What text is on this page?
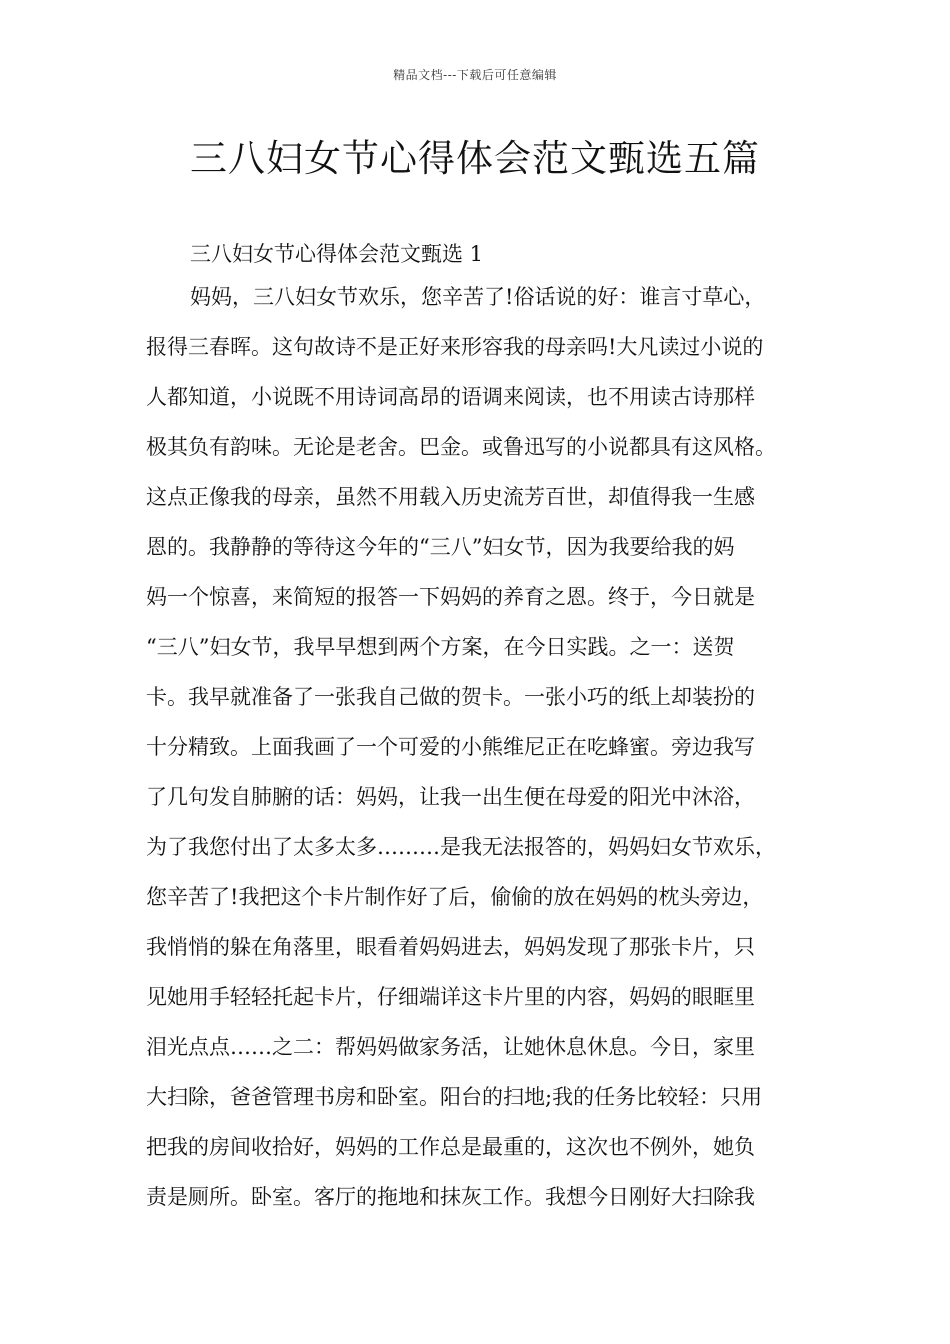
精品文档---下载后可任意编辑
三八妇女节心得体会范文甄选五篇
三八妇女节心得体会范文甄选 1
妈妈，三八妇女节欢乐，您辛苦了!俗话说的好：谁言寸草心，
报得三春晖。这句故诗不是正好来形容我的母亲吗!大凡读过小说的
人都知道，小说既不用诗词高昂的语调来阅读，也不用读古诗那样
极其负有韵味。无论是老舍。巴金。或鲁迅写的小说都具有这风格。
这点正像我的母亲，虽然不用载入历史流芳百世，却值得我一生感
恩的。我静静的等待这今年的“三八”妇女节，因为我要给我的妈
妈一个惊喜，来简短的报答一下妈妈的养育之恩。终于，今日就是
“三八”妇女节，我早早想到两个方案，在今日实践。之一：送贺
卡。我早就准备了一张我自己做的贺卡。一张小巧的纸上却装扮的
十分精致。上面我画了一个可爱的小熊维尼正在吃蜂蜜。旁边我写
了几句发自肺腑的话：妈妈，让我一出生便在母爱的阳光中沐浴，
为了我您付出了太多太多………是我无法报答的，妈妈妇女节欢乐，
您辛苦了!我把这个卡片制作好了后，偷偷的放在妈妈的枕头旁边，
我悄悄的躲在角落里，眼看着妈妈进去，妈妈发现了那张卡片，只
见她用手轻轻托起卡片，仔细端详这卡片里的内容，妈妈的眼眶里
泪光点点……之二：帮妈妈做家务活，让她休息休息。今日，家里
大扫除，爸爸管理书房和卧室。阳台的扫地;我的任务比较轻：只用
把我的房间收拾好，妈妈的工作总是最重的，这次也不例外，她负
责是厕所。卧室。客厅的拖地和抹灰工作。我想今日刚好大扫除我
